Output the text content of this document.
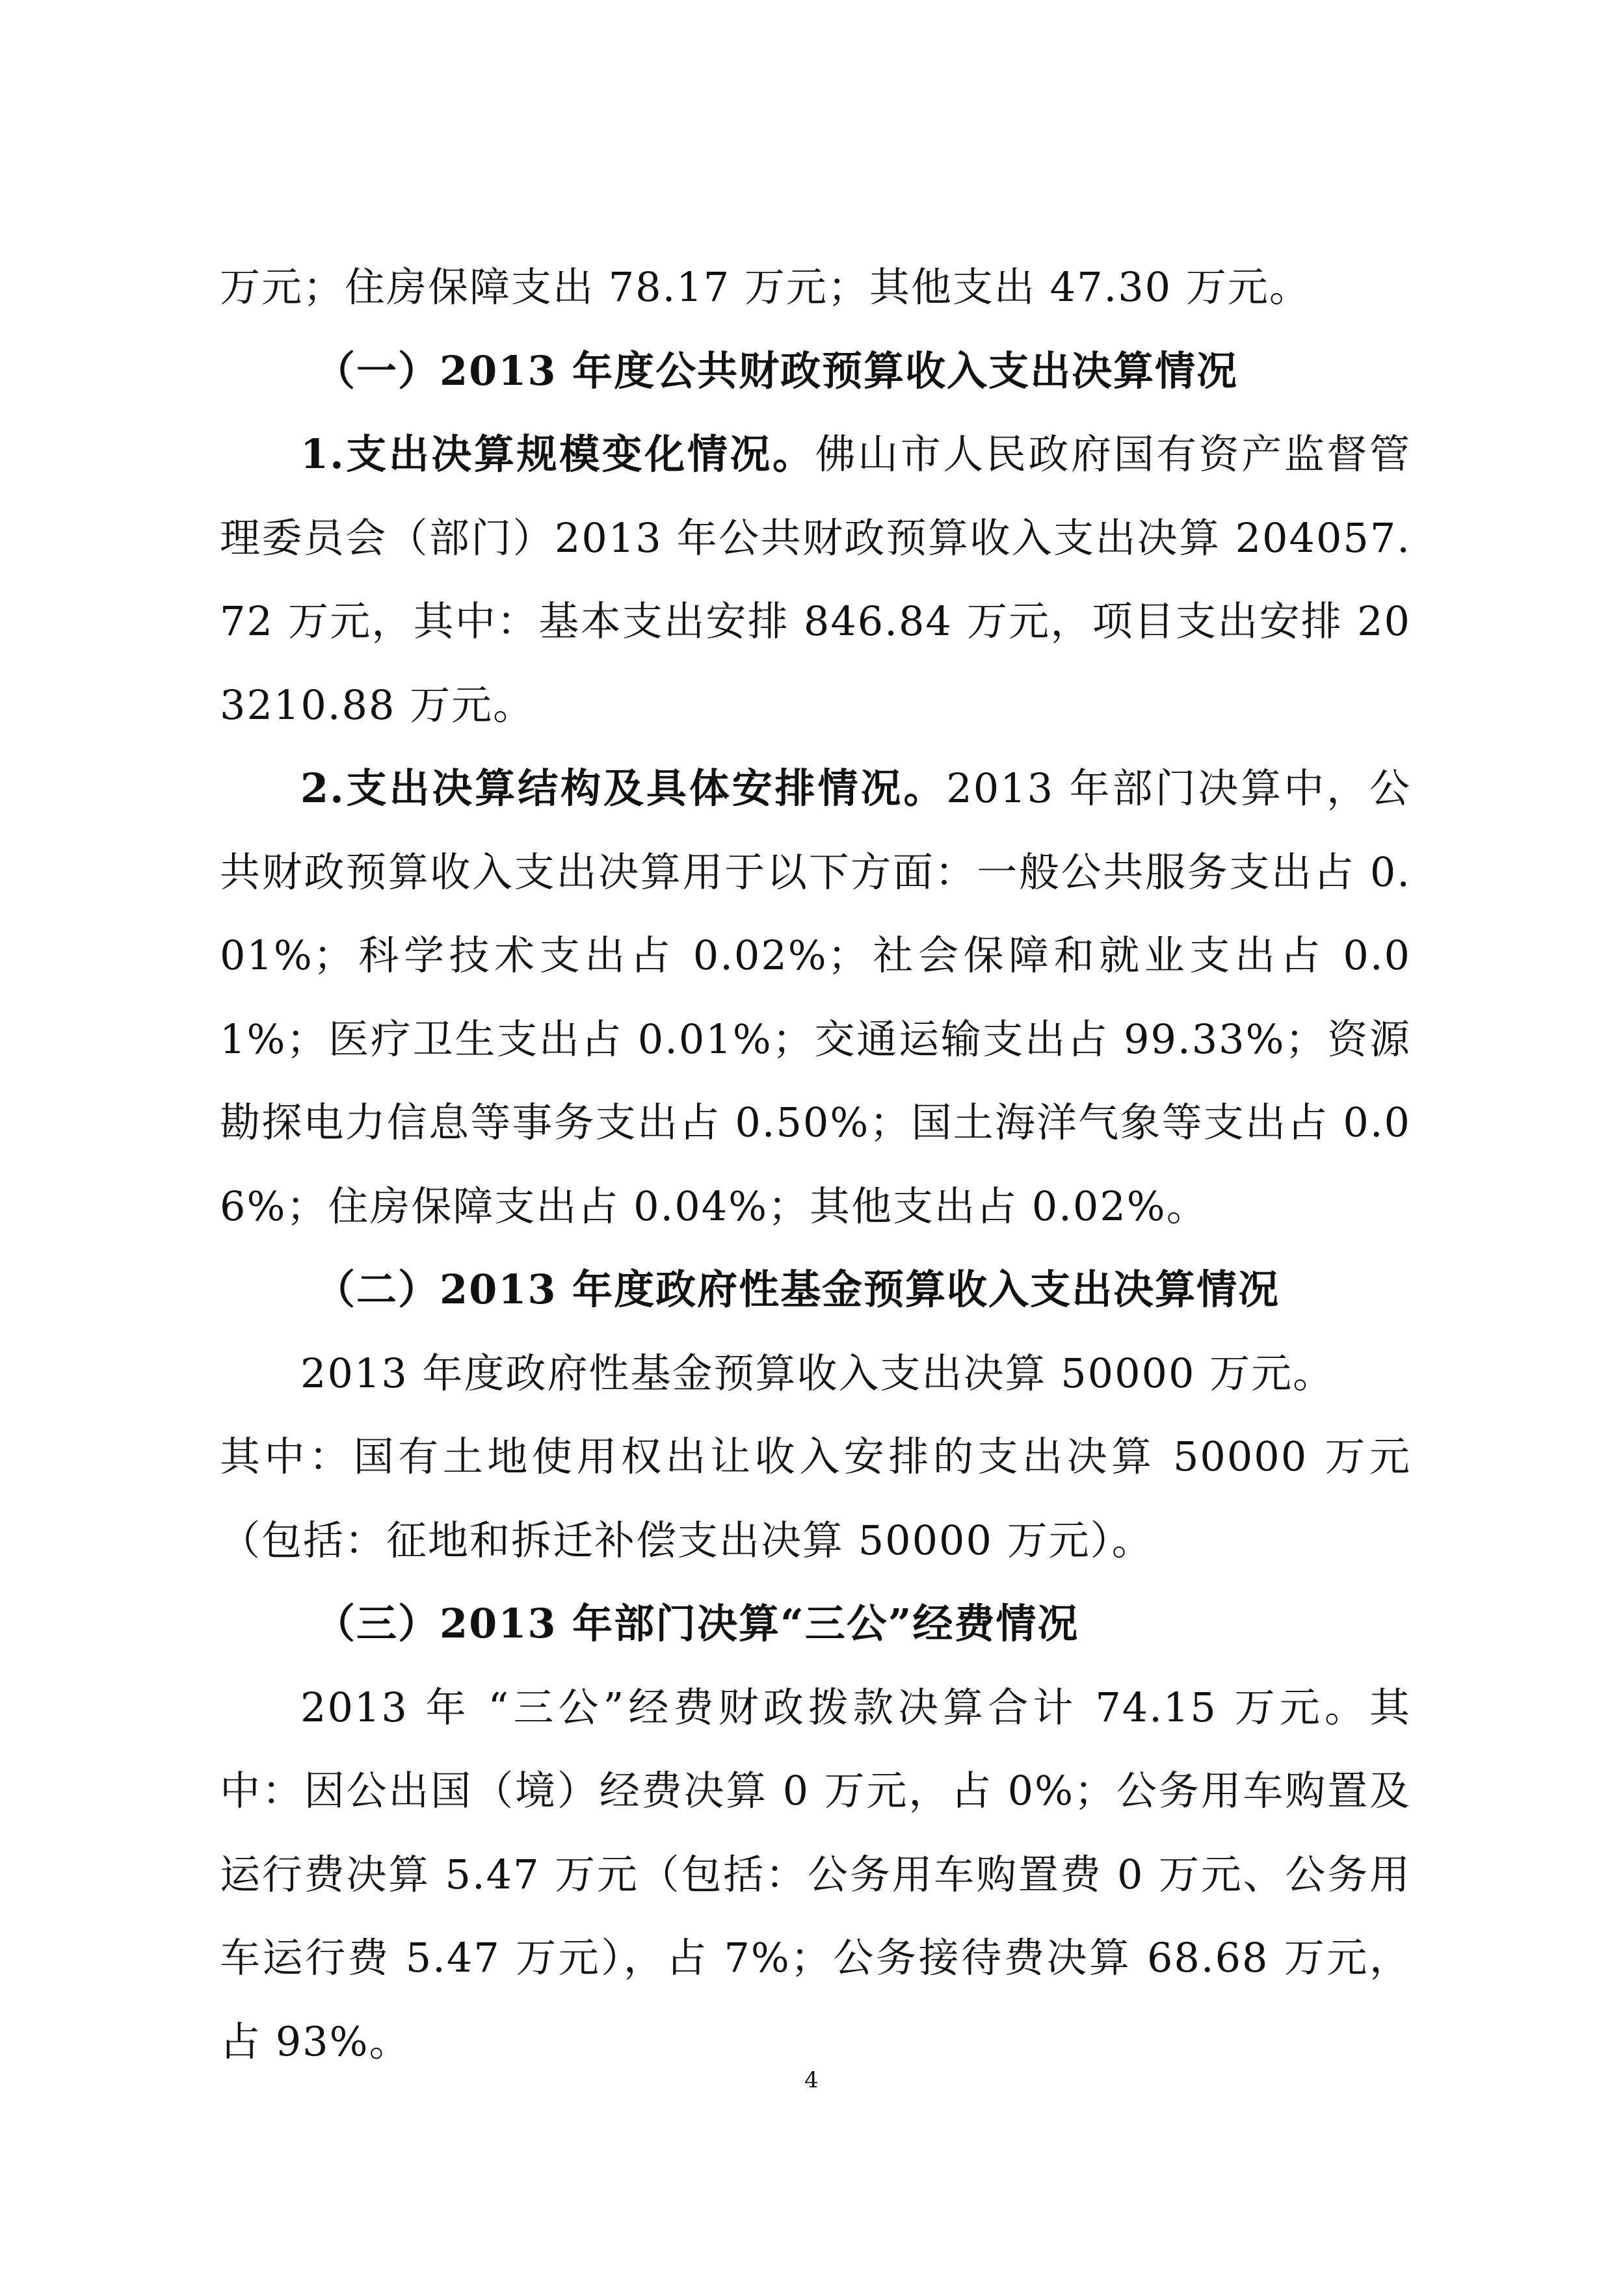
万元；住房保障支出 78.17 万元；其他支出 47.30 万元。

（一）2013 年度公共财政预算收入支出决算情况

1.支出决算规模变化情况。佛山市人民政府国有资产监督管理委员会（部门）2013 年公共财政预算收入支出决算 204057.72 万元，其中：基本支出安排 846.84 万元，项目支出安排 203210.88 万元。

2.支出决算结构及具体安排情况。2013 年部门决算中，公共财政预算收入支出决算用于以下方面：一般公共服务支出占 0.01%；科学技术支出占 0.02%；社会保障和就业支出占 0.01%；医疗卫生支出占 0.01%；交通运输支出占 99.33%；资源勘探电力信息等事务支出占 0.50%；国土海洋气象等支出占 0.06%；住房保障支出占 0.04%；其他支出占 0.02%。

（二）2013 年度政府性基金预算收入支出决算情况

2013 年度政府性基金预算收入支出决算 50000 万元。

其中：国有土地使用权出让收入安排的支出决算 50000 万元（包括：征地和拆迁补偿支出决算 50000 万元）。

（三）2013 年部门决算“三公”经费情况

2013 年 “三公”经费财政拨款决算合计 74.15 万元。其中：因公出国（境）经费决算 0 万元，占 0%；公务用车购置及运行费决算 5.47 万元（包括：公务用车购置费 0 万元、公务用车运行费 5.47 万元），占 7%；公务接待费决算 68.68 万元，占 93%。

4
